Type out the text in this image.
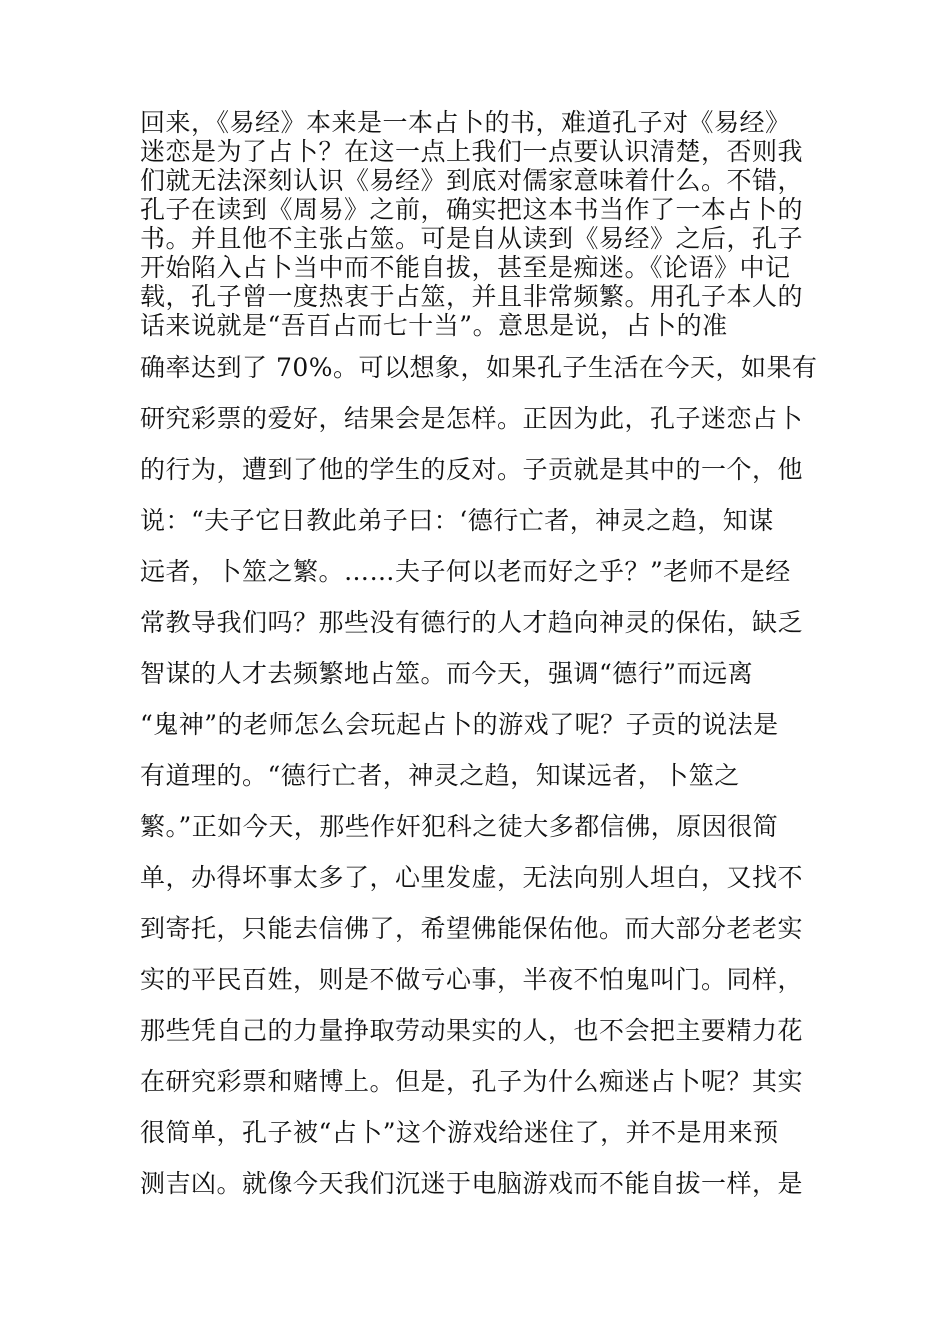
回来，《易经》本来是一本占卜的书，难道孔子对《易经》
迷恋是为了占卜？在这一点上我们一点要认识清楚，否则我
们就无法深刻认识《易经》到底对儒家意味着什么。不错，
孔子在读到《周易》之前，确实把这本书当作了一本占卜的
书。并且他不主张占筮。可是自从读到《易经》之后，孔子
开始陷入占卜当中而不能自拔，甚至是痴迷。《论语》中记
载，孔子曾一度热衷于占筮，并且非常频繁。用孔子本人的
话来说就是“吾百占而七十当”。意思是说，占卜的准
确率达到了 70%。可以想象，如果孔子生活在今天，如果有
研究彩票的爱好，结果会是怎样。正因为此，孔子迷恋占卜
的行为，遭到了他的学生的反对。子贡就是其中的一个，他
说：“夫子它日教此弟子曰：‘德行亡者，神灵之趋，知谋
远者，卜筮之繁。……夫子何以老而好之乎？”老师不是经
常教导我们吗？那些没有德行的人才趋向神灵的保佑，缺乏
智谋的人才去频繁地占筮。而今天，强调“德行”而远离
“鬼神”的老师怎么会玩起占卜的游戏了呢？子贡的说法是
有道理的。“德行亡者，神灵之趋，知谋远者，卜筮之
繁。”正如今天，那些作奸犯科之徒大多都信佛，原因很简
单，办得坏事太多了，心里发虚，无法向别人坦白，又找不
到寄托，只能去信佛了，希望佛能保佑他。而大部分老老实
实的平民百姓，则是不做亏心事，半夜不怕鬼叫门。同样，
那些凭自己的力量挣取劳动果实的人，也不会把主要精力花
在研究彩票和赌博上。但是，孔子为什么痴迷占卜呢？其实
很简单，孔子被“占卜”这个游戏给迷住了，并不是用来预
测吉凶。就像今天我们沉迷于电脑游戏而不能自拔一样，是
